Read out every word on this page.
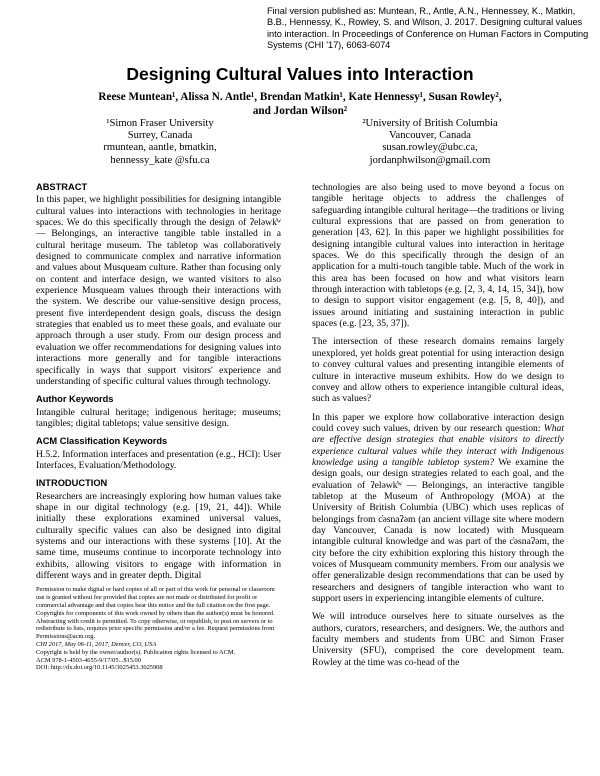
Final version published as: Muntean, R., Antle, A.N., Hennessey, K., Matkin, B.B., Hennessy, K., Rowley, S. and Wilson, J. 2017. Designing cultural values into interaction. In Proceedings of Conference on Human Factors in Computing Systems (CHI '17), 6063-6074
Designing Cultural Values into Interaction
Reese Muntean¹, Alissa N. Antle¹, Brendan Matkin¹, Kate Hennessy¹, Susan Rowley²,
and Jordan Wilson²
¹Simon Fraser University
Surrey, Canada
rmuntean, aantle, bmatkin,
hennessy_kate @sfu.ca
²University of British Columbia
Vancouver, Canada
susan.rowley@ubc.ca,
jordanphwilson@gmail.com
ABSTRACT

In this paper, we highlight possibilities for designing intangible cultural values into interactions with technologies in heritage spaces. We do this specifically through the design of ʔeləwk̓ʷ — Belongings, an interactive tangible table installed in a cultural heritage museum. The tabletop was collaboratively designed to communicate complex and narrative information and values about Musqueam culture. Rather than focusing only on content and interface design, we wanted visitors to also experience Musqueam values through their interactions with the system. We describe our value-sensitive design process, present five interdependent design goals, discuss the design strategies that enabled us to meet these goals, and evaluate our approach through a user study. From our design process and evaluation we offer recommendations for designing values into interactions more generally and for tangible interactions specifically in ways that support visitors' experience and understanding of specific cultural values through technology.

Author Keywords

Intangible cultural heritage; indigenous heritage; museums; tangibles; digital tabletops; value sensitive design.

ACM Classification Keywords

H.5.2. Information interfaces and presentation (e.g., HCI): User Interfaces, Evaluation/Methodology.

INTRODUCTION

Researchers are increasingly exploring how human values take shape in our digital technology (e.g. [19, 21, 44]). While initially these explorations examined universal values, culturally specific values can also be designed into digital systems and our interactions with these systems [10]. At the same time, museums continue to incorporate technology into exhibits, allowing visitors to engage with information in different ways and in greater depth. Digital

Permission to make digital or hard copies of all or part of this work for personal or classroom use is granted without fee provided that copies are not made or distributed for profit or commercial advantage and that copies bear this notice and the full citation on the first page. Copyrights for components of this work owned by others than the author(s) must be honored. Abstracting with credit is permitted. To copy otherwise, or republish, to post on servers or to redistribute to lists, requires prior specific permission and/or a fee. Request permissions from Permissions@acm.org.
CHI 2017, May 06-11, 2017, Denver, CO, USA
Copyright is held by the owner/author(s). Publication rights licensed to ACM.
ACM 978-1-4503-4655-9/17/05...$15.00
DOI: http://dx.doi.org/10.1145/3025453.3025908

technologies are also being used to move beyond a focus on tangible heritage objects to address the challenges of safeguarding intangible cultural heritage—the traditions or living cultural expressions that are passed on from generation to generation [43, 62]. In this paper we highlight possibilities for designing intangible cultural values into interaction in heritage spaces. We do this specifically through the design of an application for a multi-touch tangible table. Much of the work in this area has been focused on how and what visitors learn through interaction with tabletops (e.g. [2, 3, 4, 14, 15, 34]), how to design to support visitor engagement (e.g. [5, 8, 40]), and issues around initiating and sustaining interaction in public spaces (e.g. [23, 35, 37]).

The intersection of these research domains remains largely unexplored, yet holds great potential for using interaction design to convey cultural values and presenting intangible elements of culture in interactive museum exhibits. How do we design to convey and allow others to experience intangible cultural ideas, such as values?

In this paper we explore how collaborative interaction design could covey such values, driven by our research question: What are effective design strategies that enable visitors to directly experience cultural values while they interact with Indigenous knowledge using a tangible tabletop system? We examine the design goals, our design strategies related to each goal, and the evaluation of ʔeləwk̓ʷ — Belongings, an interactive tangible tabletop at the Museum of Anthropology (MOA) at the University of British Columbia (UBC) which uses replicas of belongings from c̓əsnaʔəm (an ancient village site where modern day Vancouver, Canada is now located) with Musqueam intangible cultural knowledge and was part of the c̓əsnaʔəm, the city before the city exhibition exploring this history through the voices of Musqueam community members. From our analysis we offer generalizable design recommendations that can be used by researchers and designers of tangible interaction who want to support users in experiencing intangible elements of culture.

We will introduce ourselves here to situate ourselves as the authors, curators, researchers, and designers. We, the authors and faculty members and students from UBC and Simon Fraser University (SFU), comprised the core development team. Rowley at the time was co-head of the
